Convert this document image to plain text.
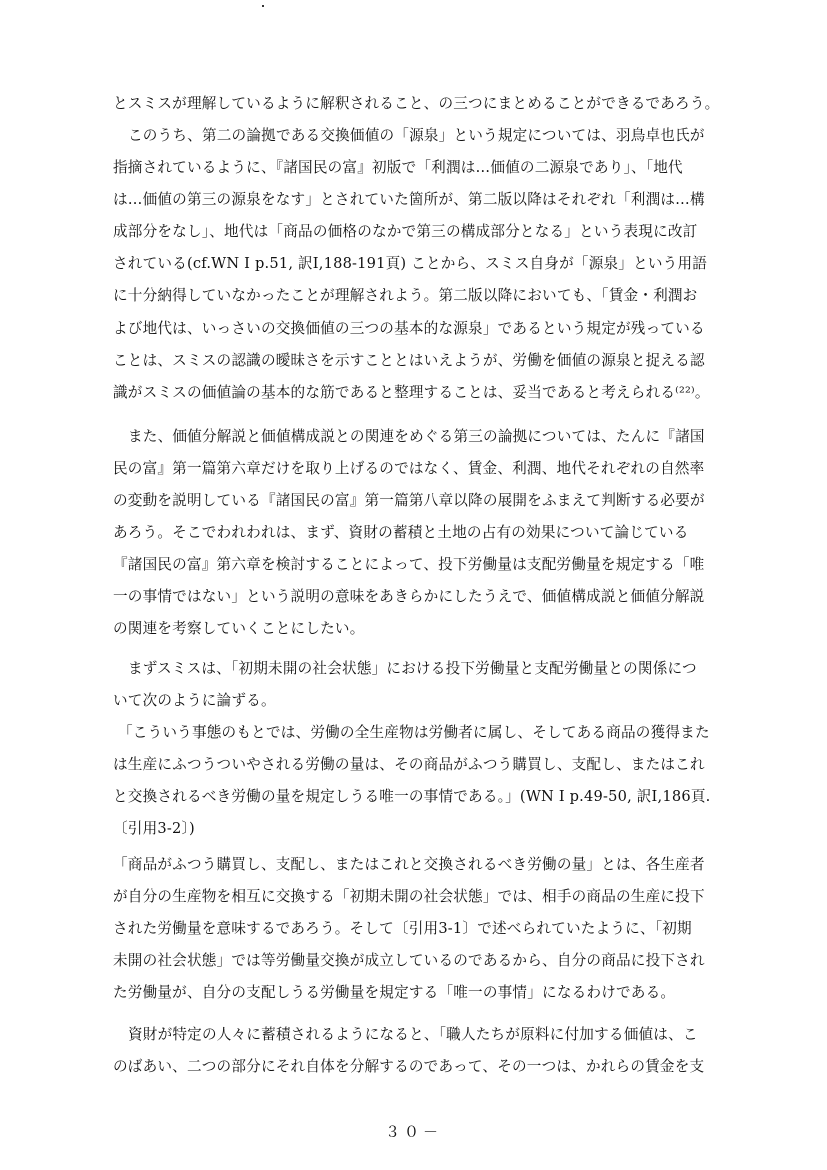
とスミスが理解しているように解釈されること、の三つにまとめることができるであろう。
このうち、第二の論拠である交換価値の「源泉」という規定については、羽鳥卓也氏が
指摘されているように、『諸国民の富』初版で「利潤は…価値の二源泉であり」、「地代
は…価値の第三の源泉をなす」とされていた箇所が、第二版以降はそれぞれ「利潤は…構
成部分をなし」、地代は「商品の価格のなかで第三の構成部分となる」という表現に改訂
されている(cf.WN I p.51, 訳I,188-191頁) ことから、スミス自身が「源泉」という用語
に十分納得していなかったことが理解されよう。第二版以降においても、「賃金・利潤お
よび地代は、いっさいの交換価値の三つの基本的な源泉」であるという規定が残っている
ことは、スミスの認識の曖昧さを示すこととはいえようが、労働を価値の源泉と捉える認
識がスミスの価値論の基本的な筋であると整理することは、妥当であると考えられる⁽²²⁾。
また、価値分解説と価値構成説との関連をめぐる第三の論拠については、たんに『諸国
民の富』第一篇第六章だけを取り上げるのではなく、賃金、利潤、地代それぞれの自然率
の変動を説明している『諸国民の富』第一篇第八章以降の展開をふまえて判断する必要が
あろう。そこでわれわれは、まず、資財の蓄積と土地の占有の効果について論じている
『諸国民の富』第六章を検討することによって、投下労働量は支配労働量を規定する「唯
一の事情ではない」という説明の意味をあきらかにしたうえで、価値構成説と価値分解説
の関連を考察していくことにしたい。
まずスミスは、「初期未開の社会状態」における投下労働量と支配労働量との関係につ
いて次のように論ずる。
「こういう事態のもとでは、労働の全生産物は労働者に属し、そしてある商品の獲得また
は生産にふつうついやされる労働の量は、その商品がふつう購買し、支配し、またはこれ
と交換されるべき労働の量を規定しうる唯一の事情である。」(WN I p.49-50, 訳I,186頁.
〔引用3-2〕)
「商品がふつう購買し、支配し、またはこれと交換されるべき労働の量」とは、各生産者
が自分の生産物を相互に交換する「初期未開の社会状態」では、相手の商品の生産に投下
された労働量を意味するであろう。そして〔引用3-1〕で述べられていたように、「初期
未開の社会状態」では等労働量交換が成立しているのであるから、自分の商品に投下され
た労働量が、自分の支配しうる労働量を規定する「唯一の事情」になるわけである。
資財が特定の人々に蓄積されるようになると、「職人たちが原料に付加する価値は、こ
のばあい、二つの部分にそれ自体を分解するのであって、その一つは、かれらの賃金を支
３０－
